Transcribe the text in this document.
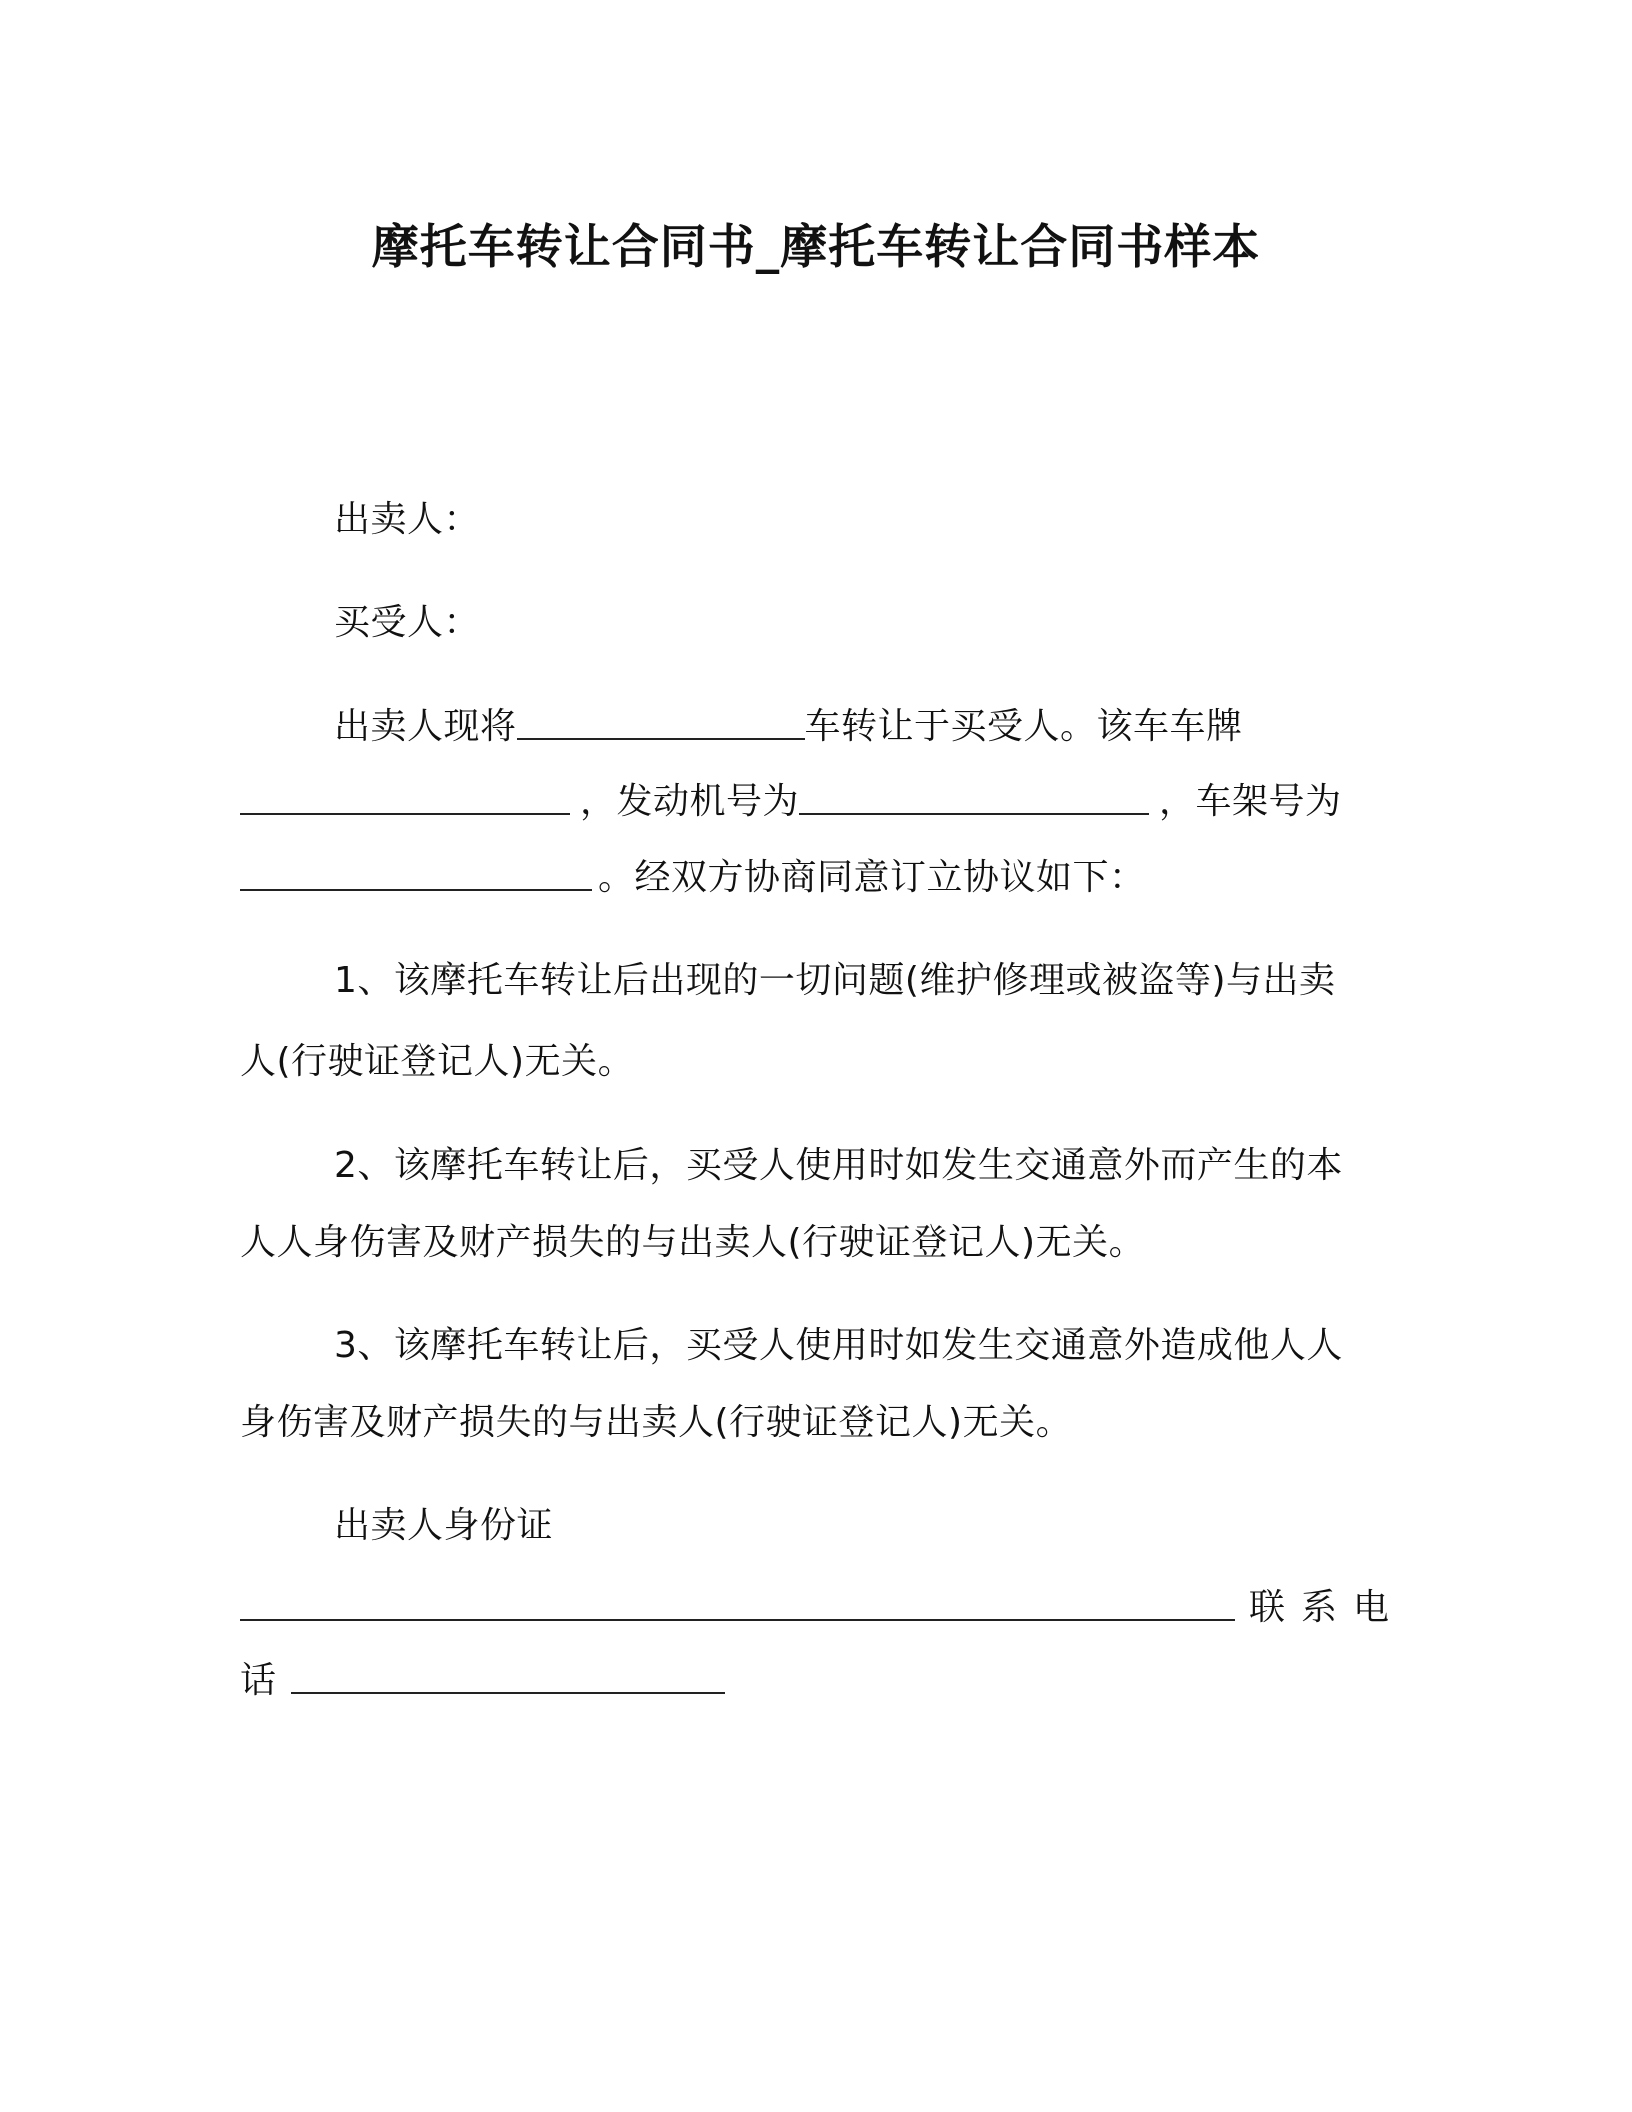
摩托车转让合同书_摩托车转让合同书样本
出卖人：
买受人：
出卖人现将	车转让于买受人。该车车牌
，发动机号为	，车架号为
。经双方协商同意订立协议如下：
1、该摩托车转让后出现的一切问题(维护修理或被盗等)与出卖
人(行驶证登记人)无关。
2、该摩托车转让后，买受人使用时如发生交通意外而产生的本
人人身伤害及财产损失的与出卖人(行驶证登记人)无关。
3、该摩托车转让后，买受人使用时如发生交通意外造成他人人
身伤害及财产损失的与出卖人(行驶证登记人)无关。
出卖人身份证
联系电
话
